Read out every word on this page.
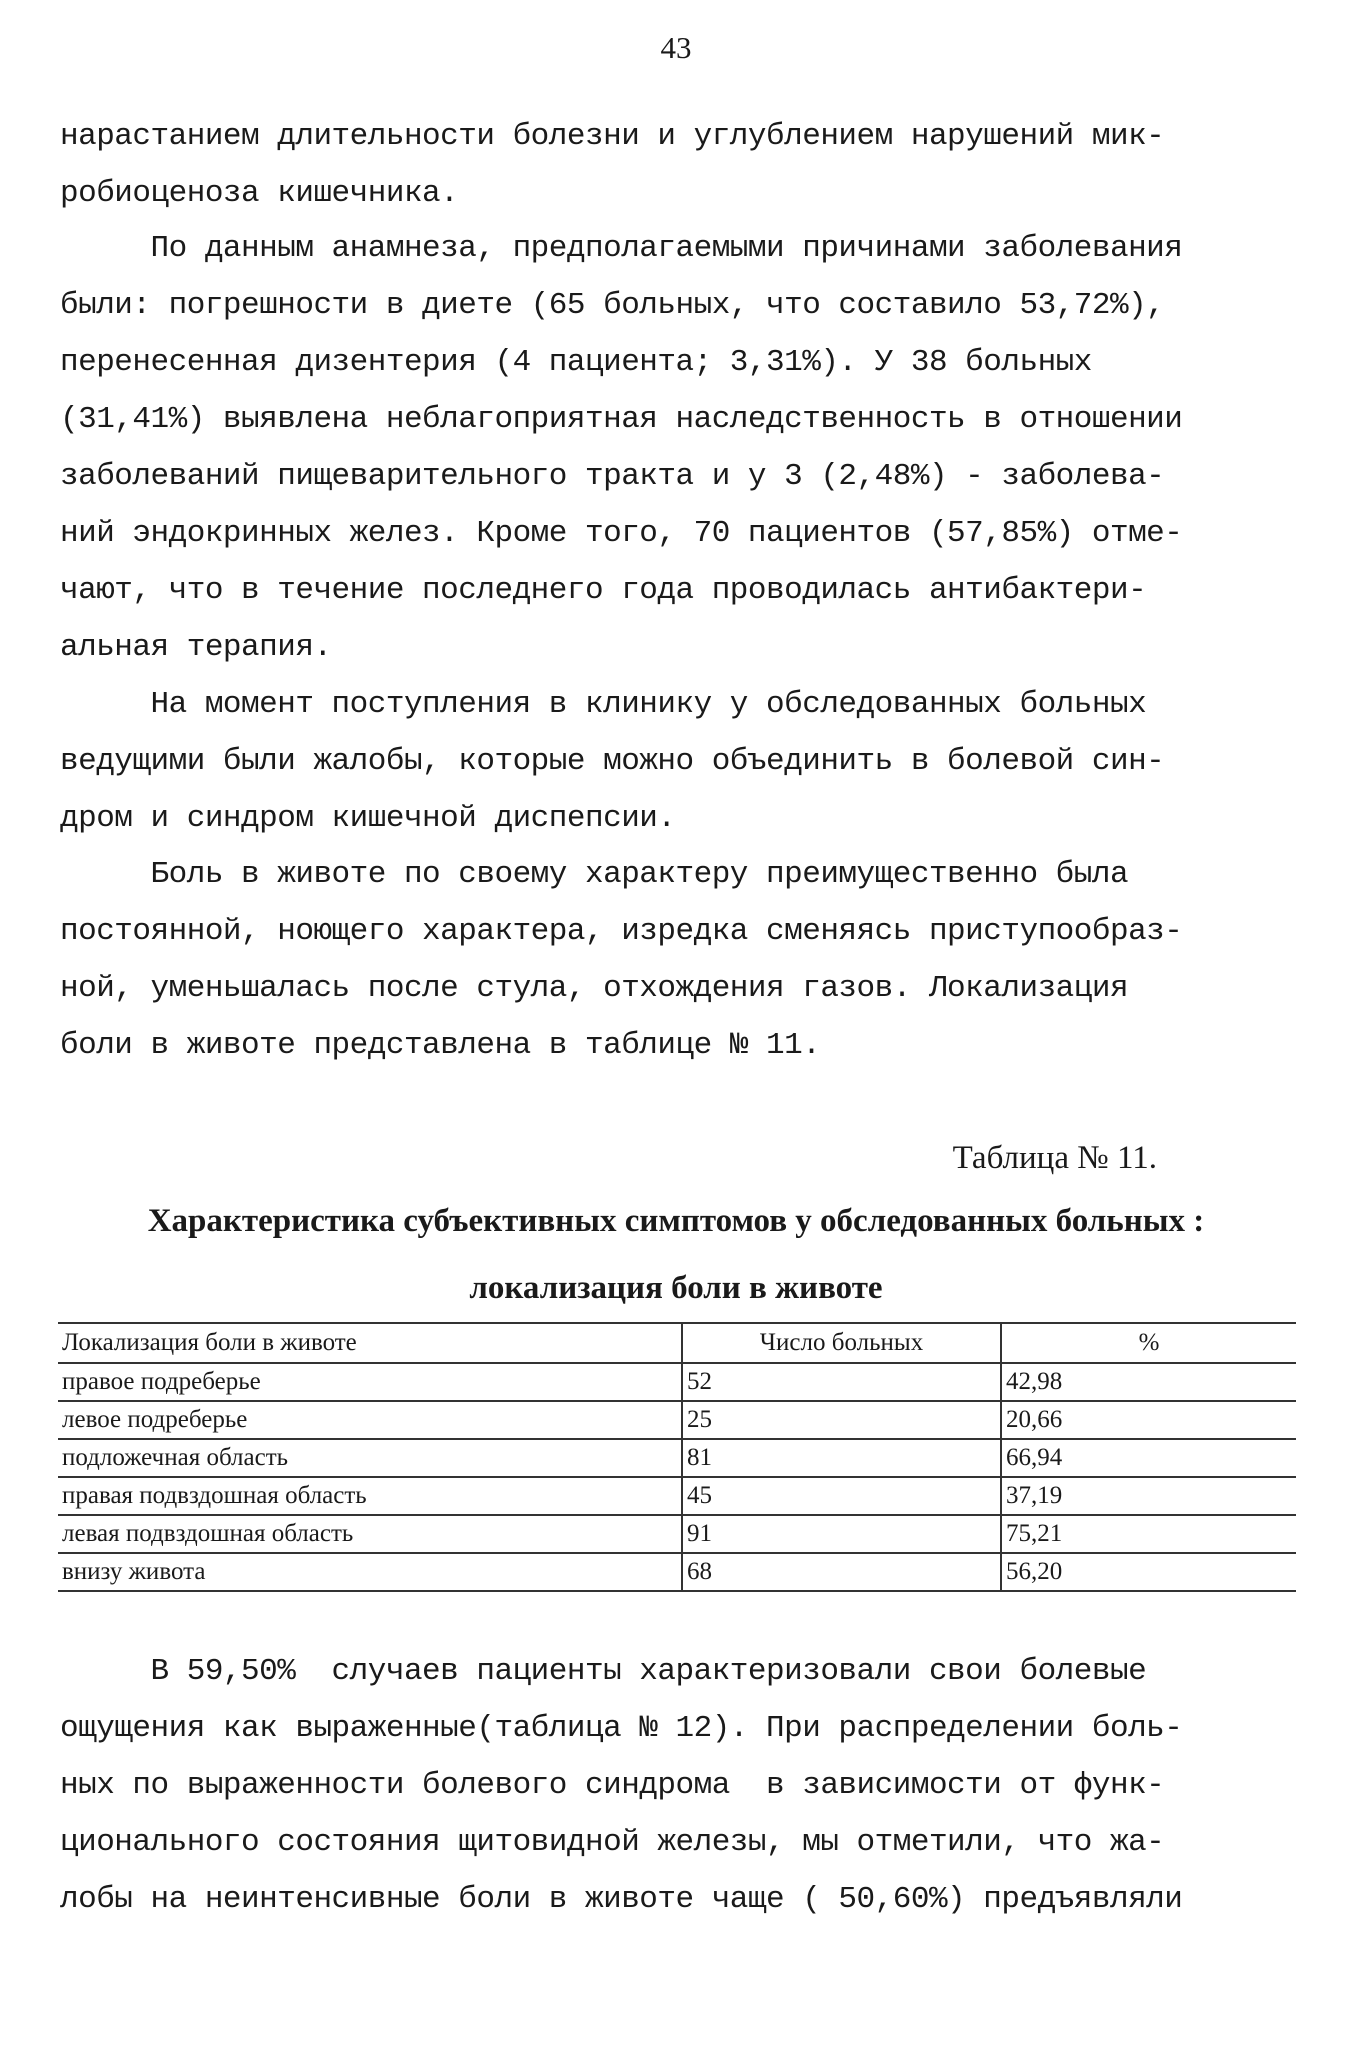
43
нарастанием длительности болезни и углублением нарушений мик-
робиоценоза кишечника.
По данным анамнеза, предполагаемыми причинами заболевания
были: погрешности в диете (65 больных, что составило 53,72%),
перенесенная дизентерия (4 пациента; 3,31%). У 38 больных
(31,41%) выявлена неблагоприятная наследственность в отношении
заболеваний пищеварительного тракта и у 3 (2,48%) - заболева-
ний эндокринных желез. Кроме того, 70 пациентов (57,85%) отме-
чают, что в течение последнего года проводилась антибактери-
альная терапия.
На момент поступления в клинику у обследованных больных
ведущими были жалобы, которые можно объединить в болевой син-
дром и синдром кишечной диспепсии.
Боль в животе по своему характеру преимущественно была
постоянной, ноющего характера, изредка сменяясь приступообраз-
ной, уменьшалась после стула, отхождения газов. Локализация
боли в животе представлена в таблице № 11.
Таблица № 11.
Характеристика субъективных симптомов у обследованных больных :
локализация боли в животе
Локализация боли в животе	Число больных	%
правое подреберье	52	42,98
левое подреберье	25	20,66
подложечная область	81	66,94
правая подвздошная область	45	37,19
левая подвздошная область	91	75,21
внизу живота	68	56,20
В 59,50%  случаев пациенты характеризовали свои болевые
ощущения как выраженные(таблица № 12). При распределении боль-
ных по выраженности болевого синдрома  в зависимости от функ-
ционального состояния щитовидной железы, мы отметили, что жа-
лобы на неинтенсивные боли в животе чаще ( 50,60%) предъявляли
